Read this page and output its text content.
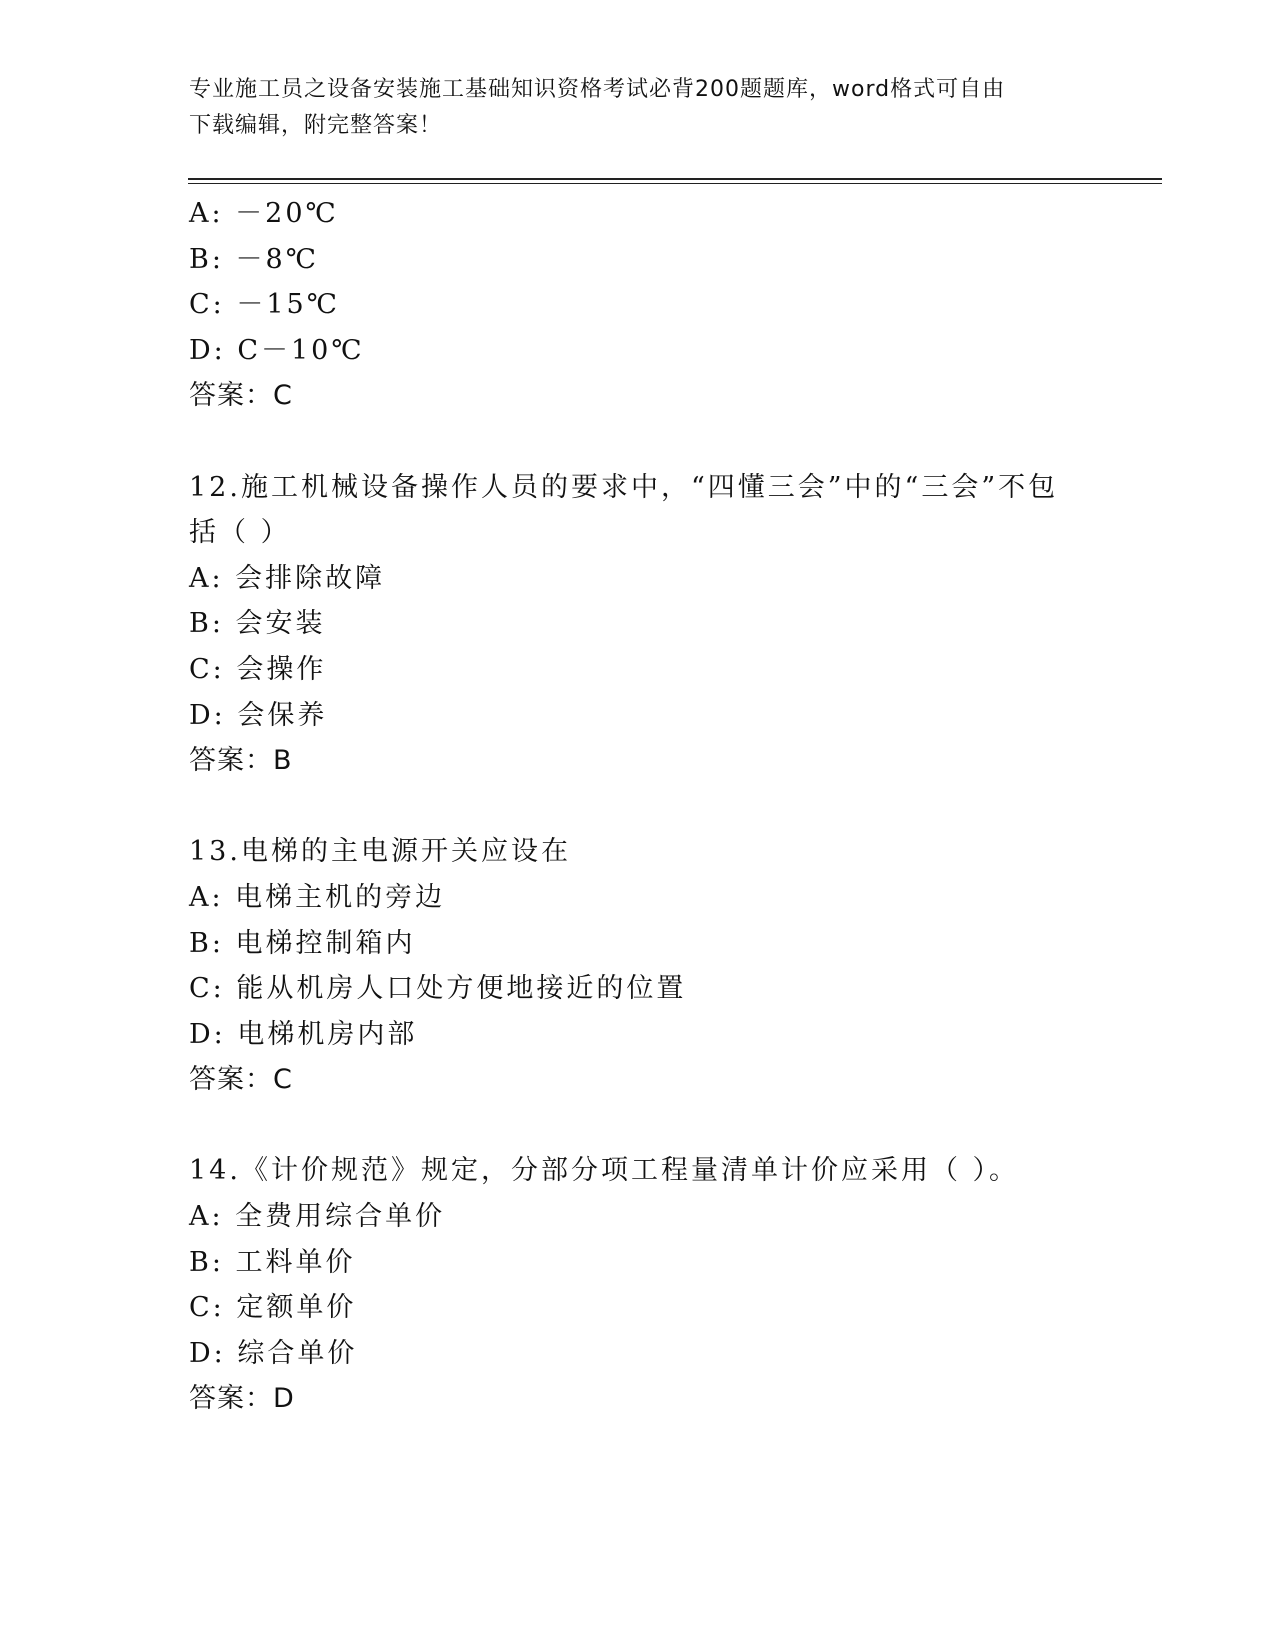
专业施工员之设备安装施工基础知识资格考试必背200题题库，word格式可自由
下载编辑，附完整答案！
A: －20℃
B: －8℃
C: －15℃
D: C－10℃
答案：C
12.施工机械设备操作人员的要求中，“四懂三会”中的“三会”不包
括（ ）
A: 会排除故障
B: 会安装
C: 会操作
D: 会保养
答案：B
13.电梯的主电源开关应设在
A: 电梯主机的旁边
B: 电梯控制箱内
C: 能从机房人口处方便地接近的位置
D: 电梯机房内部
答案：C
14.《计价规范》规定，分部分项工程量清单计价应采用（ ）。
A: 全费用综合单价
B: 工料单价
C: 定额单价
D: 综合单价
答案：D
